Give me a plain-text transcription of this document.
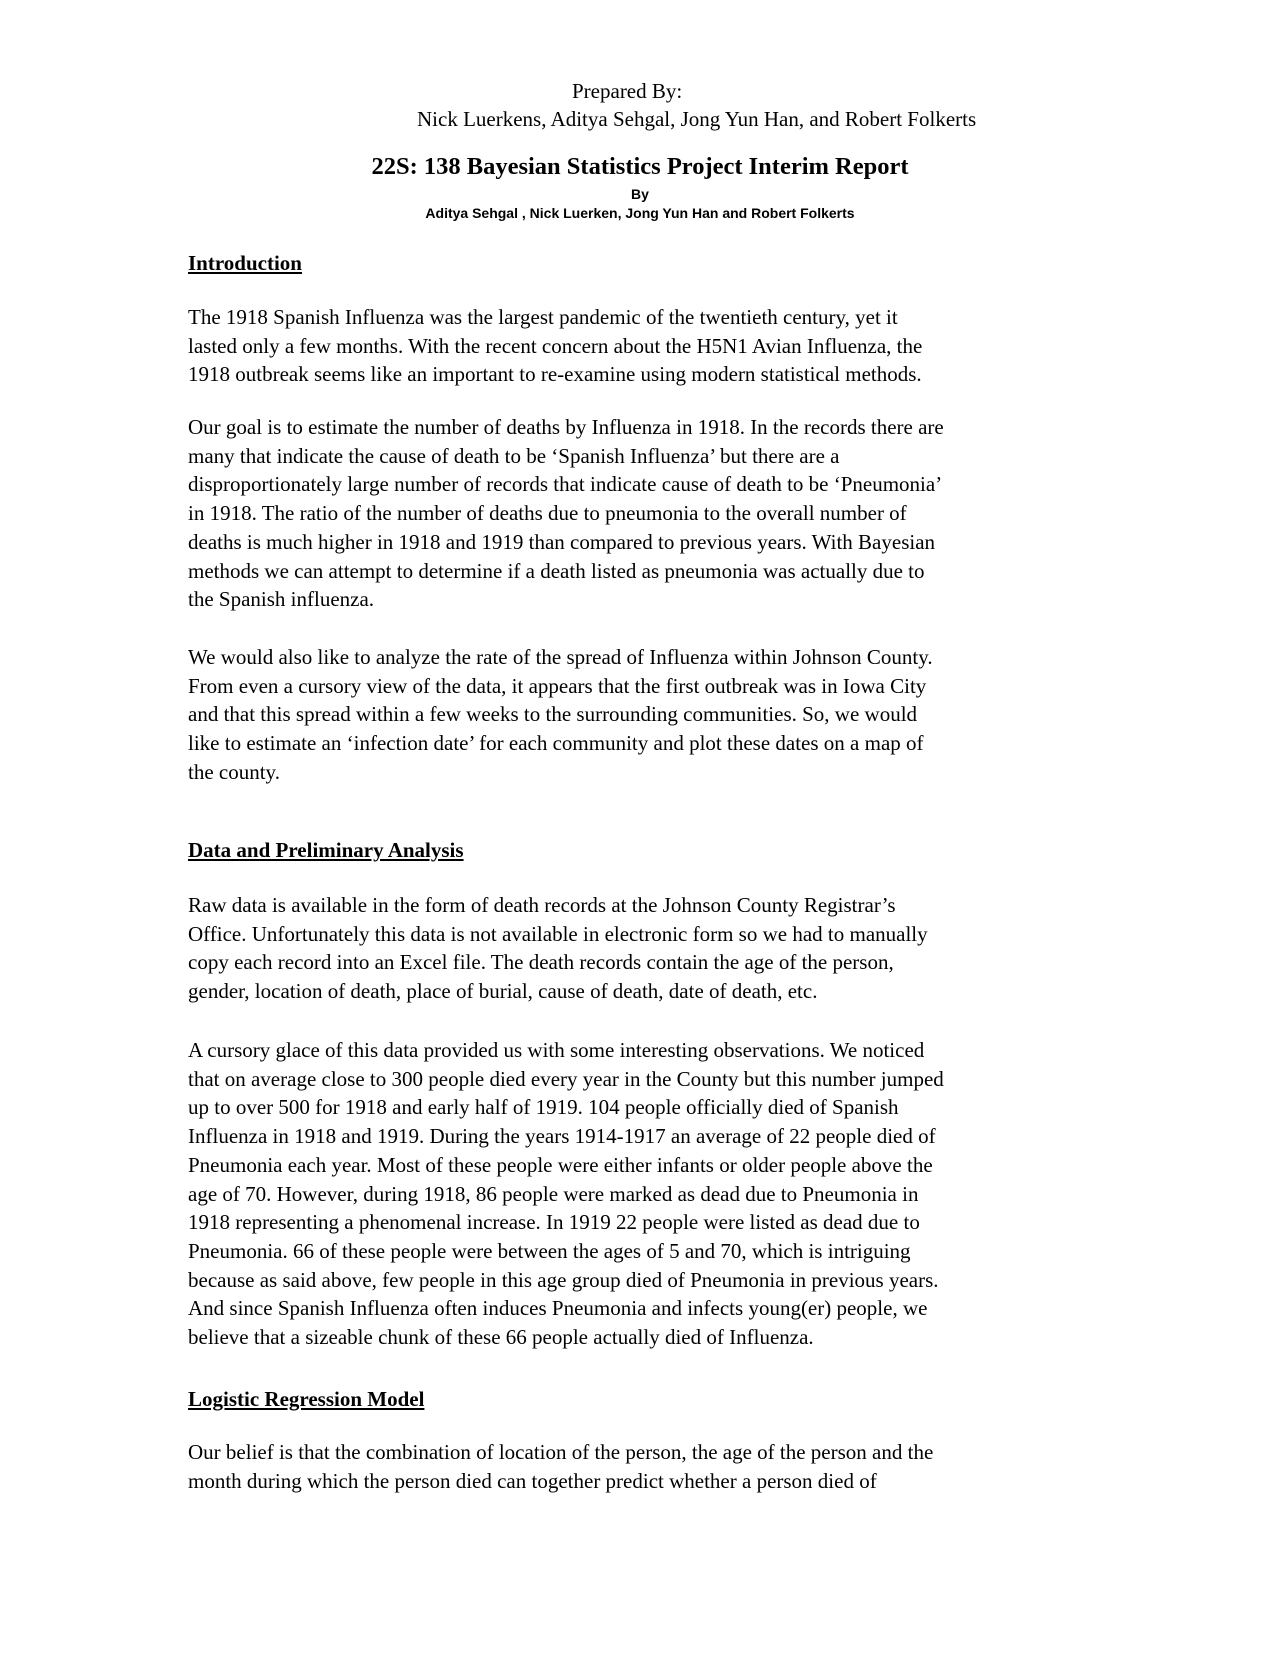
Prepared By:
Nick Luerkens, Aditya Sehgal, Jong Yun Han, and Robert Folkerts
22S: 138 Bayesian Statistics Project Interim Report
By
Aditya Sehgal , Nick Luerken, Jong Yun Han and Robert Folkerts
Introduction

The 1918 Spanish Influenza was the largest pandemic of the twentieth century, yet it
lasted only a few months. With the recent concern about the H5N1 Avian Influenza, the
1918 outbreak seems like an important to re-examine using modern statistical methods.

Our goal is to estimate the number of deaths by Influenza in 1918. In the records there are
many that indicate the cause of death to be ‘Spanish Influenza’ but there are a
disproportionately large number of records that indicate cause of death to be ‘Pneumonia’
in 1918. The ratio of the number of deaths due to pneumonia to the overall number of
deaths is much higher in 1918 and 1919 than compared to previous years. With Bayesian
methods we can attempt to determine if a death listed as pneumonia was actually due to
the Spanish influenza.

We would also like to analyze the rate of the spread of Influenza within Johnson County.
From even a cursory view of the data, it appears that the first outbreak was in Iowa City
and that this spread within a few weeks to the surrounding communities. So, we would
like to estimate an ‘infection date’ for each community and plot these dates on a map of
the county.

Data and Preliminary Analysis

Raw data is available in the form of death records at the Johnson County Registrar’s
Office. Unfortunately this data is not available in electronic form so we had to manually
copy each record into an Excel file. The death records contain the age of the person,
gender, location of death, place of burial, cause of death, date of death, etc.

A cursory glace of this data provided us with some interesting observations. We noticed
that on average close to 300 people died every year in the County but this number jumped
up to over 500 for 1918 and early half of 1919. 104 people officially died of Spanish
Influenza in 1918 and 1919. During the years 1914-1917 an average of 22 people died of
Pneumonia each year. Most of these people were either infants or older people above the
age of 70. However, during 1918, 86 people were marked as dead due to Pneumonia in
1918 representing a phenomenal increase. In 1919 22 people were listed as dead due to
Pneumonia. 66 of these people were between the ages of 5 and 70, which is intriguing
because as said above, few people in this age group died of Pneumonia in previous years.
And since Spanish Influenza often induces Pneumonia and infects young(er) people, we
believe that a sizeable chunk of these 66 people actually died of Influenza.

Logistic Regression Model

Our belief is that the combination of location of the person, the age of the person and the
month during which the person died can together predict whether a person died of
